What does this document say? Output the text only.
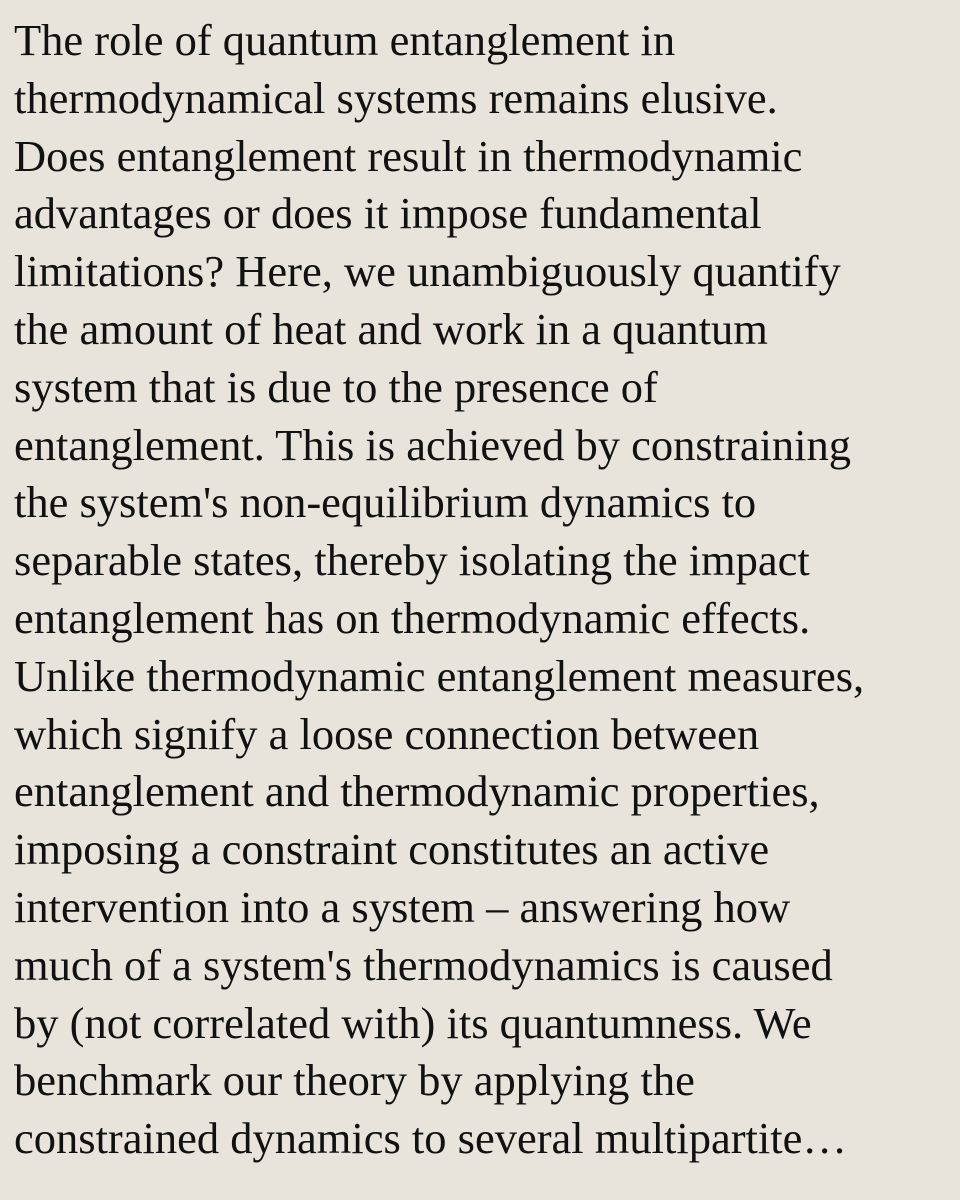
The role of quantum entanglement in
thermodynamical systems remains elusive.
Does entanglement result in thermodynamic
advantages or does it impose fundamental
limitations? Here, we unambiguously quantify
the amount of heat and work in a quantum
system that is due to the presence of
entanglement. This is achieved by constraining
the system's non-equilibrium dynamics to
separable states, thereby isolating the impact
entanglement has on thermodynamic effects.
Unlike thermodynamic entanglement measures,
which signify a loose connection between
entanglement and thermodynamic properties,
imposing a constraint constitutes an active
intervention into a system – answering how
much of a system's thermodynamics is caused
by (not correlated with) its quantumness. We
benchmark our theory by applying the
constrained dynamics to several multipartite…
